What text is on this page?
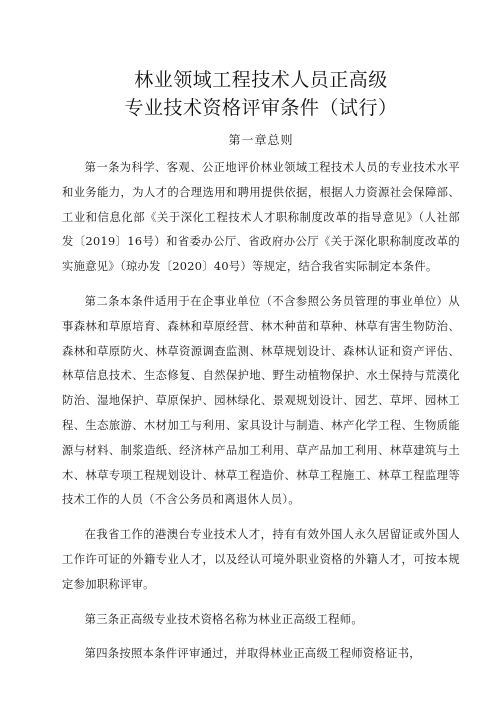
林业领域工程技术人员正高级
专业技术资格评审条件（试行）
第一章总则

第一条为科学、客观、公正地评价林业领域工程技术人员的专业技术水平和业务能力，为人才的合理选用和聘用提供依据，根据人力资源社会保障部、工业和信息化部《关于深化工程技术人才职称制度改革的指导意见》（人社部发〔2019〕16号）和省委办公厅、省政府办公厅《关于深化职称制度改革的实施意见》（琼办发〔2020〕40号）等规定，结合我省实际制定本条件。

第二条本条件适用于在企事业单位（不含参照公务员管理的事业单位）从事森林和草原培育、森林和草原经营、林木种苗和草种、林草有害生物防治、森林和草原防火、林草资源调查监测、林草规划设计、森林认证和资产评估、林草信息技术、生态修复、自然保护地、野生动植物保护、水土保持与荒漠化防治、湿地保护、草原保护、园林绿化、景观规划设计、园艺、草坪、园林工程、生态旅游、木材加工与利用、家具设计与制造、林产化学工程、生物质能源与材料、制浆造纸、经济林产品加工利用、草产品加工利用、林草建筑与土木、林草专项工程规划设计、林草工程造价、林草工程施工、林草工程监理等技术工作的人员（不含公务员和离退休人员）。

在我省工作的港澳台专业技术人才，持有有效外国人永久居留证或外国人工作许可证的外籍专业人才，以及经认可境外职业资格的外籍人才，可按本规定参加职称评审。

第三条正高级专业技术资格名称为林业正高级工程师。

第四条按照本条件评审通过，并取得林业正高级工程师资格证书，
